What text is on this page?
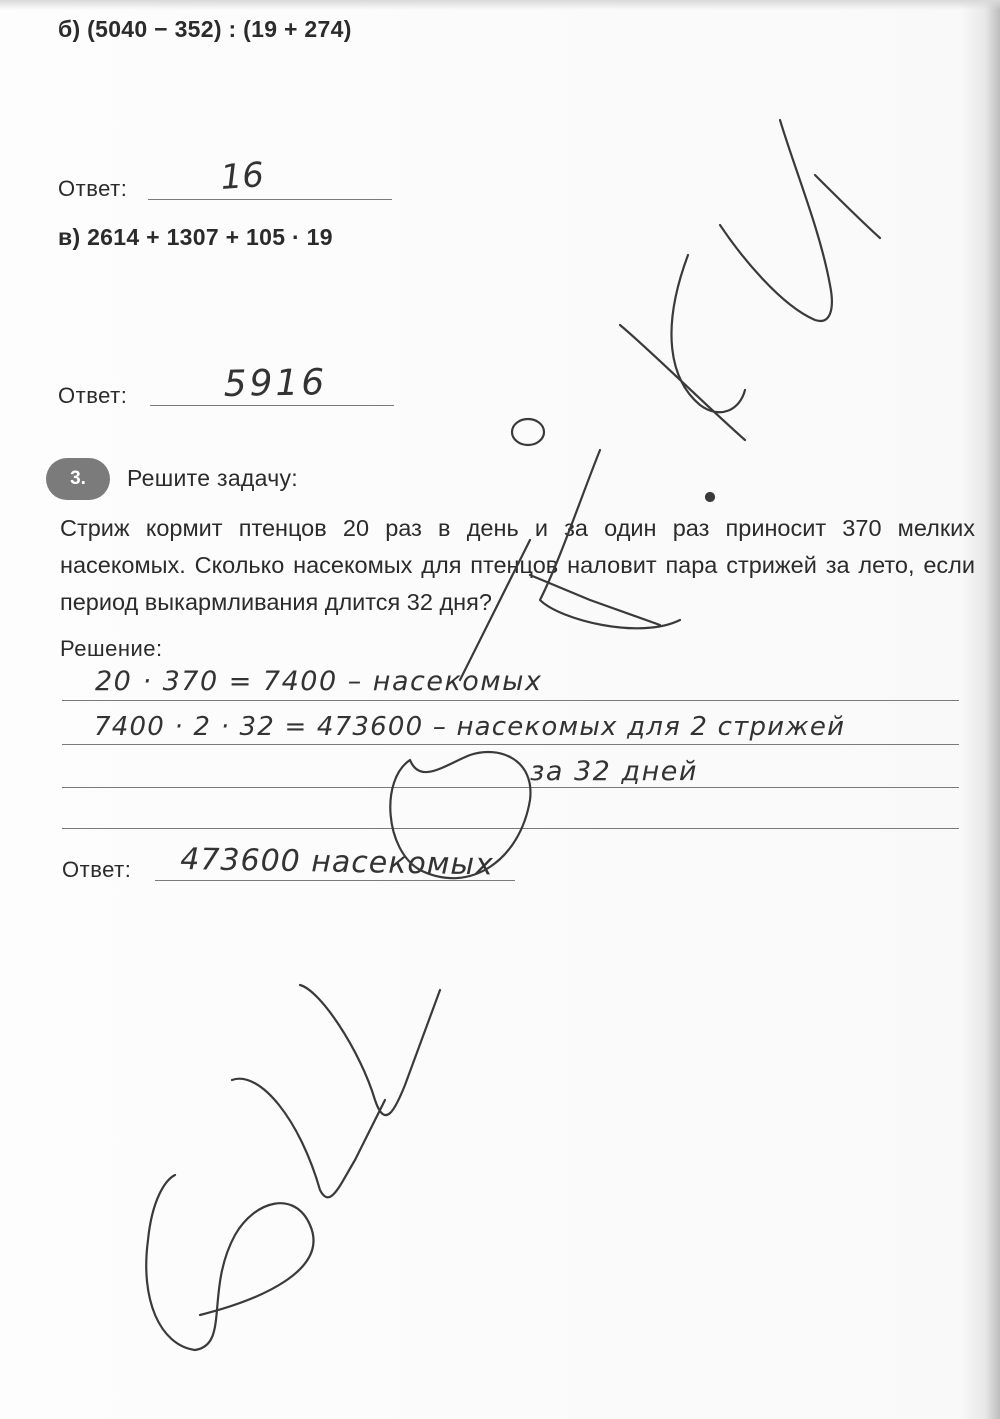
б) (5040 − 352) : (19 + 274)

Ответ:	16

в) 2614 + 1307 + 105 · 19

Ответ:	5916
3. Решите задачу:

Стриж кормит птенцов 20 раз в день и за один раз приносит 370 мелких насекомых. Сколько насекомых для птенцов наловит пара стрижей за лето, если период выкармливания длится 32 дня?

Решение:

20 · 370 = 7400 – насекомых
7400 · 2 · 32 = 473600 – насекомых для 2 стрижей
за 32 дней

Ответ: 473600 насекомых
